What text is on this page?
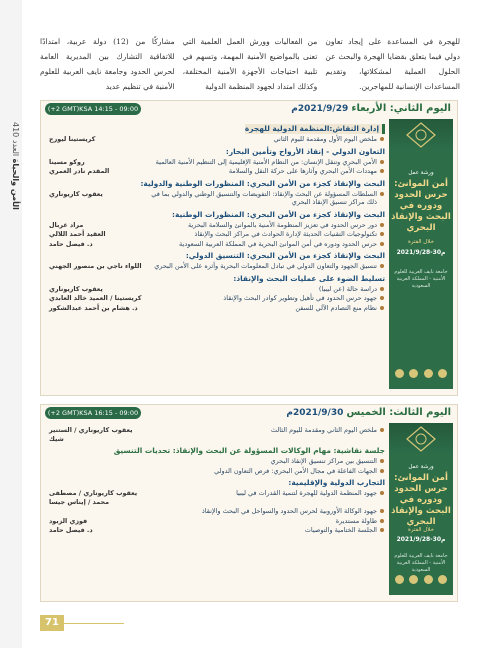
الأمن والحياة العدد 410
مشاركًا من (12) دولة عربية، امتدادًا للاتفاقية التشارك بين المديرية العامة لحرس الحدود وجامعة نايف العربية للعلوم الأمنية في تنظيم عديد
من الفعاليات وورش العمل العلمية التي تعنى بالمواضيع الأمنية المهمة، وتسهم في تلبية احتياجات الأجهزة الأمنية المختلفة، وكذلك امتداد لجهود المنظمة الدولية
للهجرة في المساعدة على إيجاد تعاون دولي فيما يتعلق بقضايا الهجرة والبحث عن الحلول العملية لمشكلاتها، وتقديم المساعدات الإنسانية للمهاجرين.
اليوم الثاني: الأربعاء 2021/9/29م
(+2 GMT)KSA 14:15 - 09:00
ورشة عمل
أمن الموانئ: حرس الحدود ودوره في البحث والإنقاذ البحري
خلال الفترة
2021/9/28-30م
جامعة نايف العربية للعلوم الأمنية - المملكة العربية السعودية
إدارة النقاش:المنظمة الدولية للهجرة
ملخص اليوم الأول ومقدمة لليوم الثاني
كريستينا ليورج
التعاون الدولي - إنقاذ الأرواح وتأمين البحار:
الأمن البحري وتنقل الإنسان: من النظام الأمنية الإقليمية إلى التنظيم الأمنية العالمية
روكو مسينا
مهددات الأمن البحري وآثارها على حركة النقل والسلامة
المقدم نادر العمري
البحث والإنقاذ كجزء من الأمن البحري: المنظورات الوطنية والدولية:
السلطات المسؤولة عن البحث والإنقاذ: التفويضات والتنسيق الوطني والدولي بما في ذلك مراكز تنسيق الإنقاذ البحري
يعقوب كاريوناري
البحث والإنقاذ كجزء من الأمن البحري: المنظورات الوطنية:
دور حرس الحدود في تعزيز المنظومة الأمنية بالموانئ والسلامة البحرية
مراد غربال
تكنولوجيات التقنيات الحديثة لإدارة الحوادث في مراكز البحث والإنقاذ
العقيد أحمد اللالي
حرس الحدود ودوره في أمن الموانئ البحرية في المملكة العربية السعودية
د. فيصل حامد
البحث والإنقاذ كجزء من الأمن البحري: التنسيق الدولي:
تنسيق الجهود والتعاون الدولي في تبادل المعلومات البحرية وأثره على الأمن البحري
اللواء ناجي بن منصور الجهني
تسليط الضوء على عمليات البحث والإنقاذ:
دراسة حالة (عن ليبيا)
يعقوب كاريوناري
جهود حرس الحدود في تأهيل وتطوير كوادر البحث والإنقاذ
كريستينا / العميد خالد العابدي
نظام منع التصادم الآلي للسفن
د. هشام بن أحمد عبدالشكور
اليوم الثالث: الخميس 2021/9/30م
(+2 GMT)KSA 16:15 - 09:00
ورشة عمل
أمن الموانئ: حرس الحدود ودوره في البحث والإنقاذ البحري
خلال الفترة
2021/9/28-30م
جامعة نايف العربية للعلوم الأمنية - المملكة العربية السعودية
ملخص اليوم الثاني ومقدمة لليوم الثالث
يعقوب كاريوناري / الستنير شيك
جلسة نقاشية: مهام الوكالات المسؤولة عن البحث والإنقاذ: تحديات التنسيق
التنسيق بين مراكز تنسيق الإنقاذ البحري
الجهات الفاعلة في مجال الأمن البحري: فرص التعاون الدولي
التجارب الدولية والإقليمية:
جهود المنظمة الدولية للهجرة لتنمية القدرات في ليبيا
يعقوب كاريوناري / مصطفى محمد / إيناس جيسا
جهود الوكالة الأوروبية لحرس الحدود والسواحل في البحث والإنقاذ
طاولة مستديرة
فوزي الزبود
الجلسة الختامية والتوصيات
د. فيصل حامد
71
